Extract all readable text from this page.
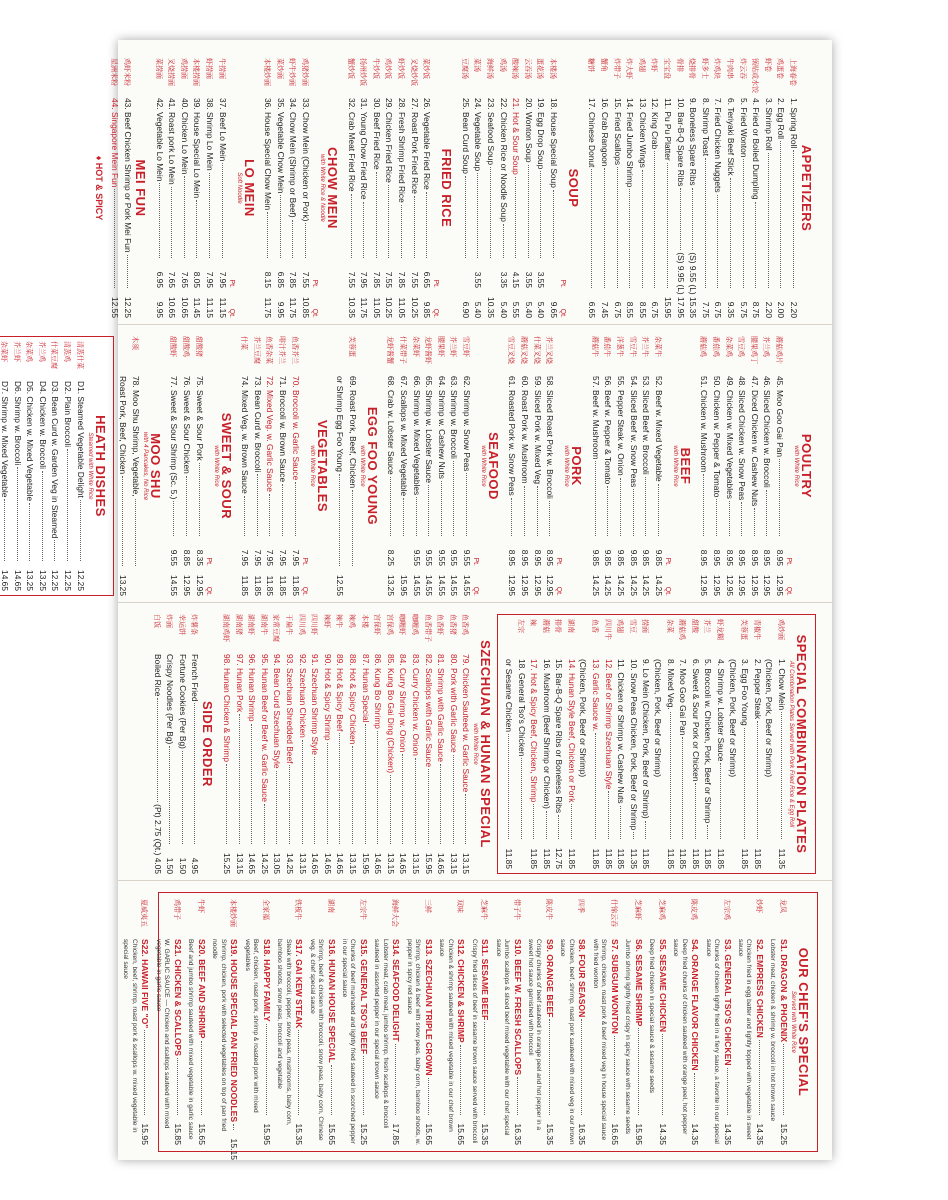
APPETIZERS
上海春卷
1. Spring Roll
2.20
鸡蛋卷
2. Egg Roll
2.00
虾卷
3. Shrimp Roll
2.20
锅贴或水饺
4. Fried or Boiled Dumpling
8.75
炸云吞
5. Fried Wonton
5.75
牛肉串
6. Teriyaki Beef Stick
9.35
炸鸡块
7. Fried Chicken Nuggets
6.75
虾多士
8. Shrimp Toast
7.75
烧排骨
9. Boneless Spare Ribs
(S) 9.55 (L) 15.35
骨排
10. Bar-B-Q Spare Ribs
(S) 9.95 (L) 17.95
宝宝盘
11. Pu Pu Platter
15.95
炸虾
12. King Crab
6.75
鸡翅
13. Chicken Wings
8.55
炸大虾
14. Fried Jumbo Shrimp
8.55
炸带子
15. Fried Scallops
6.75
蟹角
16. Crab Rangoon
7.45
糖饼
17. Chinese Donut
6.65
SOUP
Pt.
Qt.
本楼汤
18. House Special Soup
9.65
蛋花汤
19. Egg Drop Soup
3.55
5.40
云吞汤
20. Wonton Soup
3.55
5.40
酸辣汤
21. Hot & Sour Soup
4.15
5.55
鸡汤
22. Chicken Rice or Noodle Soup
3.35
5.40
海鲜汤
23. Seafood Soup
10.35
菜汤
24. Vegetable Soup
3.55
5.40
豆腐汤
25. Bean Curd Soup
6.90
FRIED RICE
Pt.
Qt.
菜炒饭
26. Vegetable Fried Rice
6.65
9.85
叉烧炒饭
27. Roast Pork Fried Rice
7.55
10.25
虾炒饭
28. Fresh Shrimp Fried Rice
7.85
11.05
鸡炒饭
29. Chicken Fried Rice
7.55
10.25
牛炒饭
30. Beef Fried Rice
7.85
11.05
扬州炒饭
31. Young Chow Fried Rice
7.95
11.75
蟹炒饭
32. Crab Meat Fried Rice
7.55
10.35
CHOW MEIN
with White Rice & Noodle
Pt.
Qt.
鸡猪炒面
33. Chow Mein (Chicken or Pork)
7.55
10.85
虾牛炒面
34. Chow Mein (Shrimp or Beef)
7.85
11.75
菜炒面
35. Vegetable Chow Mein
6.85
9.95
本楼炒面
36. House Special Chow Mein
8.15
11.75
LO MEIN
Soft Noodle
Pt.
Qt.
牛捞面
37. Beef Lo Mein
7.95
11.15
虾捞面
38. Shrimp Lo Mein
7.95
11.15
本楼捞面
39. House Special Lo Mein
8.05
11.45
鸡捞面
40. Chicken Lo Mein
7.65
10.65
叉烧捞面
41. Roast pork Lo Mein
7.65
10.65
菜捞面
42. Vegetable Lo Mein
6.95
9.95
MEI FUN
鸡虾米粉
43. Beef Chicken Shrimp or Pork Mei Fun
12.25
星洲米粉
44. Singapore Mein Fun
12.55
♦ HOT & SPICY
POULTRY
with White Rice
Pt.
Qt.
蘑菇鸡片
45. Moo Goo Gai Pan
8.95
12.95
芥兰鸡
46. Sliced Chicken w. Broccoli
8.95
12.95
腰果鸡丁
47. Diced Chicken w. Cashew Nuts
8.95
12.95
雪豆鸡
48. Sliced Chicken w. Snow Peas
8.95
12.95
杂菜鸡
49. Chicken w. Mixed Vegetables
8.95
12.95
番茄鸡
50. Chicken w. Pepper & Tomato
8.95
12.95
蘑菇鸡
51. Chicken w. Mushroom
8.95
12.95
BEEF
with White Rice
Pt.
Qt.
杂菜牛
52. Beef w. Mixed Vegetable
9.85
14.25
芥兰牛
53. Sliced Beef w. Broccoli
9.85
14.25
雪豆牛
54. Sliced Beef w. Snow Peas
9.85
14.25
洋葱牛
55. Pepper Steak w. Onion
9.85
14.25
番茄牛
56. Beef w. Pepper & Tomato
9.85
14.25
蘑菇牛
57. Beef w. Mushroom
9.85
14.25
PORK
with White Rice
Pt.
Qt.
芥兰叉烧
58. Sliced Roast Pork w. Broccoli
8.95
12.95
什菜叉烧
59. Sliced Pork w. Mixed Veg
8.95
12.95
蘑菇叉烧
60. Roast Pork w. Mushroom
8.95
12.95
雪豆叉烧
61. Roasted Pork w. Snow Peas
8.95
12.95
SEAFOOD
with White Rice
Pt.
Qt.
雪豆虾
62. Shrimp w. Snow Peas
9.55
14.55
芥兰虾
63. Shrimp w. Broccoli
9.55
14.55
腰果虾
64. Shrimp w. Cashew Nuts
9.55
14.55
龙虾酱虾
65. Shrimp w. Lobster Sauce
9.55
14.55
杂菜虾
66. Shrimp w. Mixed Vegetables
9.55
14.55
什菜带子
67. Scallops w. Mixed Vegetable
15.95
龙虾酱蟹
68. Crab w. Lobster Sauce
8.25
13.25
EGG FOO YOUNG
with White Rice
芙蓉蛋
69. Roast Pork, Beef, Chicken
or Shrimp Egg Foo Young
12.55
VEGETABLES
with White Rice
Pt.
Qt.
鱼香芥兰
70. Broccoli w. Garlic Sauce
7.95
11.85
啡汁芥兰
71. Broccoli w. Brown Sauce
7.95
11.85
鱼香杂菜
72. Mixed Veg. w. Garlic Sauce
7.95
11.85
芥兰豆腐
73. Bean Curd w. Broccoli
7.95
11.85
什菜
74. Mixed Veg. w. Brown Sauce
7.95
11.85
SWEET & SOUR
with White Rice
Pt.
Qt.
甜酸猪
75. Sweet & Sour Pork
8.35
12.95
甜酸鸡
76. Sweet & Sour Chicken
8.85
12.95
甜酸虾
77. Sweet & Sour Shrimp (Sc. 5.)
9.55
14.55
MOO SHU
with 4 Pancakes, No Rice
木须
78. Moo Shu Shrimp, Vegetable,
Roast Pork, Beef, Chicken
13.25
HEATH DISHES
Steamed with White Rice
清蒸什菜
D1. Steamed Vegetable Delight
12.25
清蒸鸡
D2. Plain Broccoli
12.25
什菜豆腐
D3. Bean Curd w. Garden Veg in Steamed
12.25
芥兰鸡
D4. Chicken w. Broccoli
13.25
杂菜鸡
D5. Chicken w. Mixed Vegetable
13.25
芥兰虾
D6. Shrimp w. Broccoli
14.65
杂菜虾
D7. Shrimp w. Mixed Vegetable
14.65
SPECIAL COMBINATION PLATES
All Combination Plates Served with Pork Fried Rice & Egg Roll
鸡炒面
1. Chow Mein
11.35
(Chicken, Pork, Beef or Shrimp)
青椒牛
2. Pepper Steak
11.85
芙蓉蛋
3. Egg Foo Young
11.85
(Chicken, Pork, Beef or Shrimp)
虾龙糊
4. Shrimp w. Lobster Sauce
11.85
芥兰
5. Broccoli w. Chicken, Pork, Beef or Shrimp
11.85
甜酸
6. Sweet & Sour Pork or Chicken
11.85
蘑菇鸡
7. Moo Goo Gai Pan
11.85
杂菜
8. Mixed Veg.
11.85
(Chicken, Pork, Beef or Shrimp)
捞面
9. Lo Mein (Chicken, Pork, Beef or Shrimp)
11.85
雪豆
10. Snow Peas Chicken, Pork, Beef or Shrimp
11.35
鸡翅
11. Chicken or Shrimp w. Cashew Nuts
11.85
四川牛
12. Beef or Shrimp Szechuan Style
11.85
鱼香
13. Garlic Sauce w.
11.85
(Chicken, Pork, Beef or Shrimp)
湖南
14. Hunan Style Beef, Chicken or Pork
11.85
排骨
15. Bar-B-Q Spare Ribs or Boneless Ribs
12.75
蘑菇
16. Mushroom (Beef Shrimp or Chicken)
11.85
辣
17. Hot & Spicy Beef, Chicken, Shrimp
11.85
左宗
18. General Tso's Chicken
or Sesame Chicken
11.85
SZECHUAN & HUNAN SPECIAL
with White Rice
鱼香鸡
79. Chicken Sauteed w. Garlic Sauce
13.15
鱼香猪
80. Pork with Garlic Sauce
13.15
鱼香虾
81. Shrimp with Garlic Sauce
14.65
鱼香带子
82. Scallops with Garlic Sauce
15.95
咖喱鸡
83. Curry Chicken w. Onion
13.15
咖喱虾
84. Curry Shrimp w. Onion
14.65
宫保鸡
85. Kung Bo Gai Ding (Chicken)
13.15
宫保虾
86. Kung Bo Shrimp
14.65
本楼
87. Hunan Special
15.95
辣鸡
88. Hot & Spicy Chicken
13.15
辣牛
89. Hot & Spicy Beef
14.65
辣虾
90. Hot & Spicy Shrimp
14.65
四川虾
91. Szechuan Shrimp Style
14.65
四川鸡
92. Szechuan Chicken
13.15
干扁牛
93. Szechuan Shredded Beef
14.25
家常豆腐
94. Bean Curd Szechuan Style
13.05
湖南牛
95. Hunan Beef or Beef w. Garlic Sauce
14.25
湖南虾
96. Hunan Shrimp
14.65
湖南猪
97. Hunan Pork
13.15
湖南鸡虾
98. Hunan Chicken & Shrimp
15.25
SIDE ORDER
炸薯条
French Fried
4.95
幸运饼
Fortune Cookies (Per Bg)
1.50
炸面
Crispy Noodles (Per Bg)
1.50
白饭
Boiled Rice
(Pt) 2.75 (Qt.) 4.05
OUR CHEF'S SPECIAL
Served with White Rice
龙凤
S1. DRAGON & PHOENIX
15.25
Lobster meat, chicken & shrimp w. broccoli in hot brown sauce
炒虾
S2. EMPRESS CHICKEN
14.35
Chicken fried in egg batter and lightly topped with vegetable in sweet sauce
左宗鸡
S3. GENERAL TSO'S CHICKEN
14.35
Chunks of chicken lightly fried in a fiery sauce, a favorite in our special sauce
陈皮鸡
S4. ORANGE FLAVOR CHICKEN
14.35
Deep fried chunks of chicken sauteed with orange peel, hot pepper sauce
芝麻鸡
S5. SESAME CHICKEN
14.35
Deep fried chicken in special sauce & sesame seeds
芝麻虾
S6. SESAME SHRIMP
15.95
Jumbo shrimp lightly fried crispy in spicy sauce with sesame seeds
什锦云吞
S7. SUBGUM WONTON
16.65
Shrimp, chicken, roast pork & beef mixed veg in house special sauce with fried wonton
四季
S8. FOUR SEASON
16.35
Chicken, beef, shrimp, roast pork sauteed with mixed veg in our brown sauce
陈皮牛
S9. ORANGE BEEF
15.35
Crispy chunks of beef sauteed in orange peel and hot pepper in a sweet hot sauce garnished with broccoli
带子牛
S10. BEEF W. FRESH SCALLOPS
16.35
Jumbo scallops & sliced beef mixed vegetable with our chef special sauce
芝麻牛
S11. SESAME BEEF
15.35
Crispy fried slices of beef in sesame brown sauce served with broccoli
双味
S12. CHICKEN & SHRIMP
15.65
Chicken & shrimp sauteed with mixed vegetable in our chef brown sauce
三鲜
S13. SZECHUAN TRIPLE CROWN
15.65
Shrimp, chicken & beef with snow peas, baby corn, bamboo shoots, w. pepper in spicy red sauce
海鲜大会
S14. SEAFOOD DELIGHT
17.85
Lobster meat, crab meat, jumbo shrimp, fresh scallops & broccoli sauteed in assorted pepper in our special brown sauce
左宗牛
S15. GENERAL TSO'S BEEF
15.25
Chunks of beef marinated and lightly fried sauteed in scorched pepper in our special sauce
湖南
S16. HUNAN HOUSE SPECIAL
15.65
Shrimp, beef & chicken with broccoli, snow peas, baby corn, Chinese veg. & chef special sauce
铁板牛
S17. GAI KEW STEAK
15.35
Steak with broccoli, pepper, snow peas, mushrooms, baby corn, bamboo shoots, snow peas, broccoli and vegetable
全家福
S18. HAPPY FAMILY
15.95
Beef, chicken, roast pork, shrimp & roasted pork with mixed vegetables
本楼炒面
S19. HOUSE SPECIAL PAN FRIED NOODLES
15.15
Shrimp, chicken, pork with selected vegetables on top of pan fried noodle
牛虾
S20. BEEF AND SHRIMP
15.65
Beef and jumbo shrimp sauteed with mixed vegetable in garlic sauce
鸡带子
S21. CHICKEN & SCALLOPS
15.85
W. GARLIC SAUCE — Chicken and scallops sauteed with mixed vegetable in garlic sauce
夏威夷五
S22. HAWAII FIVE "O"
15.95
Chicken, beef, shrimp, roast pork & scallops w. mixed vegetable in special sauce
